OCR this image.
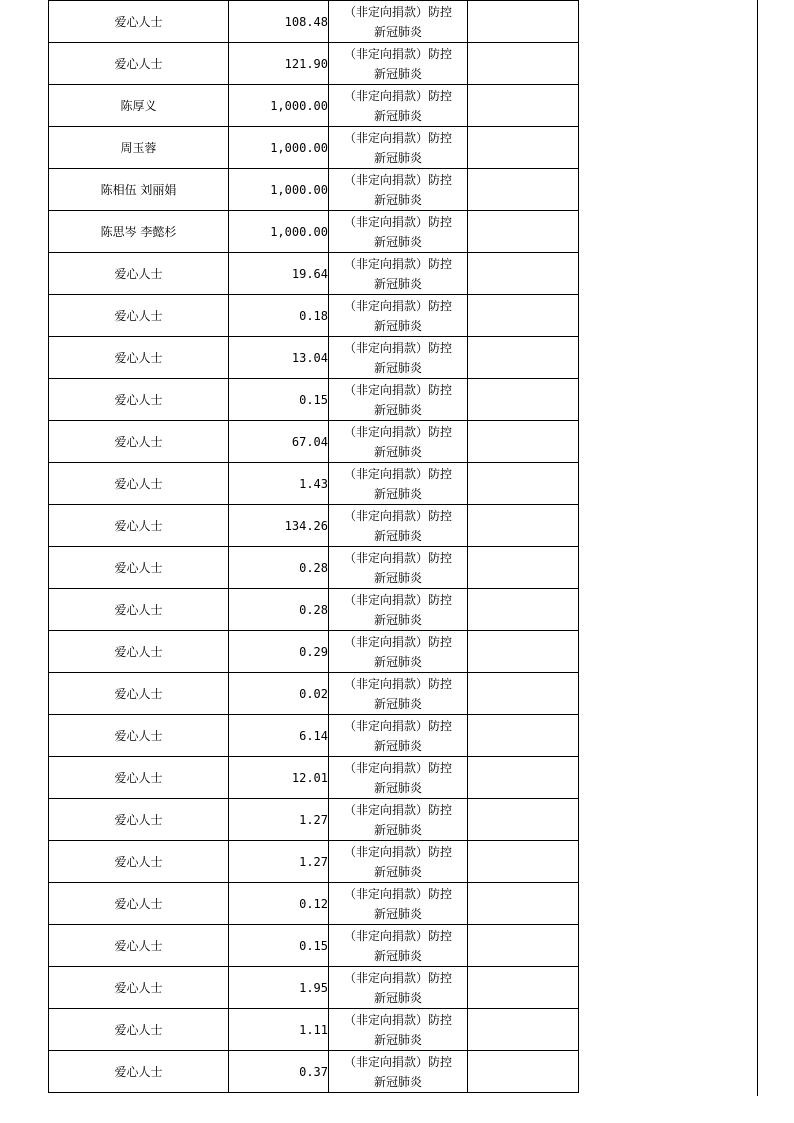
爱心人士	108.48	（非定向捐款）防控
新冠肺炎	

爱心人士	121.90	（非定向捐款）防控
新冠肺炎	

陈厚义	1,000.00	（非定向捐款）防控
新冠肺炎	

周玉蓉	1,000.00	（非定向捐款）防控
新冠肺炎	

陈相伍 刘丽娟	1,000.00	（非定向捐款）防控
新冠肺炎	

陈思岑 李懿杉	1,000.00	（非定向捐款）防控
新冠肺炎	

爱心人士	19.64	（非定向捐款）防控
新冠肺炎	

爱心人士	0.18	（非定向捐款）防控
新冠肺炎	

爱心人士	13.04	（非定向捐款）防控
新冠肺炎	

爱心人士	0.15	（非定向捐款）防控
新冠肺炎	

爱心人士	67.04	（非定向捐款）防控
新冠肺炎	

爱心人士	1.43	（非定向捐款）防控
新冠肺炎	

爱心人士	134.26	（非定向捐款）防控
新冠肺炎	

爱心人士	0.28	（非定向捐款）防控
新冠肺炎	

爱心人士	0.28	（非定向捐款）防控
新冠肺炎	

爱心人士	0.29	（非定向捐款）防控
新冠肺炎	

爱心人士	0.02	（非定向捐款）防控
新冠肺炎	

爱心人士	6.14	（非定向捐款）防控
新冠肺炎	

爱心人士	12.01	（非定向捐款）防控
新冠肺炎	

爱心人士	1.27	（非定向捐款）防控
新冠肺炎	

爱心人士	1.27	（非定向捐款）防控
新冠肺炎	

爱心人士	0.12	（非定向捐款）防控
新冠肺炎	

爱心人士	0.15	（非定向捐款）防控
新冠肺炎	

爱心人士	1.95	（非定向捐款）防控
新冠肺炎	

爱心人士	1.11	（非定向捐款）防控
新冠肺炎	

爱心人士	0.37	（非定向捐款）防控
新冠肺炎	
